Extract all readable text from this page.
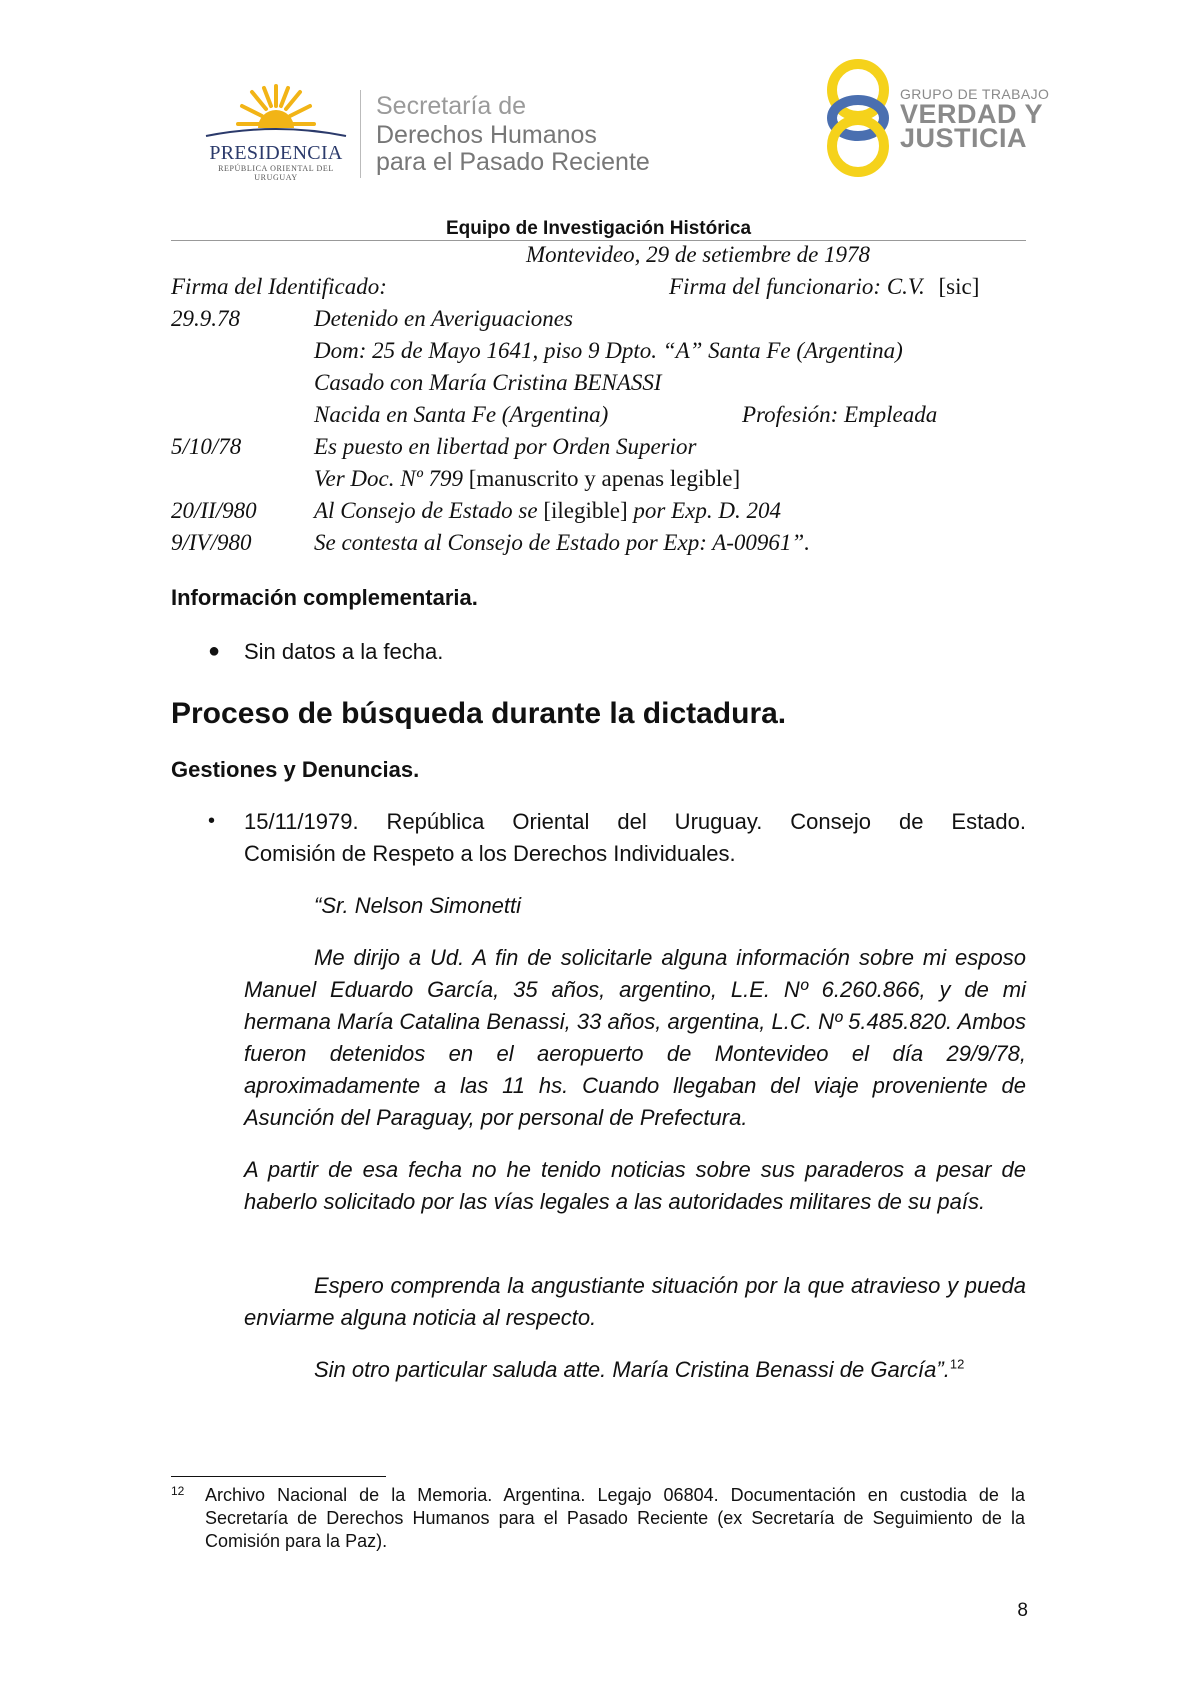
PRESIDENCIA
REPÚBLICA ORIENTAL DEL URUGUAY
Secretaría de
Derechos Humanos
para el Pasado Reciente
GRUPO DE TRABAJO
VERDAD Y
JUSTICIA
Equipo de Investigación Histórica
Montevideo, 29 de setiembre de 1978
Firma del Identificado:	Firma del funcionario: C.V. [sic]
29.9.78	Detenido en Averiguaciones
Dom: 25 de Mayo 1641, piso 9 Dpto. “A” Santa Fe (Argentina)
Casado con María Cristina BENASSI
Nacida en Santa Fe (Argentina)	Profesión: Empleada
5/10/78	Es puesto en libertad por Orden Superior
Ver Doc. Nº 799 [manuscrito y apenas legible]
20/II/980 Al Consejo de Estado se [ilegible] por Exp. D. 204
9/IV/980	Se contesta al Consejo de Estado por Exp: A-00961”.
Información complementaria.
● Sin datos a la fecha.
Proceso de búsqueda durante la dictadura.
Gestiones y Denuncias.
• 15/11/1979. República Oriental del Uruguay. Consejo de Estado.
Comisión de Respeto a los Derechos Individuales.
“Sr. Nelson Simonetti
Me dirijo a Ud. A fin de solicitarle alguna información sobre mi esposo Manuel Eduardo García, 35 años, argentino, L.E. Nº 6.260.866, y de mi hermana María Catalina Benassi, 33 años, argentina, L.C. Nº 5.485.820. Ambos fueron detenidos en el aeropuerto de Montevideo el día 29/9/78, aproximadamente a las 11 hs. Cuando llegaban del viaje proveniente de Asunción del Paraguay, por personal de Prefectura.
A partir de esa fecha no he tenido noticias sobre sus paraderos a pesar de haberlo solicitado por las vías legales a las autoridades militares de su país.
Espero comprenda la angustiante situación por la que atravieso y pueda enviarme alguna noticia al respecto.
Sin otro particular saluda atte. María Cristina Benassi de García”.$^{12}$
12 Archivo Nacional de la Memoria. Argentina. Legajo 06804. Documentación en custodia de la Secretaría de Derechos Humanos para el Pasado Reciente (ex Secretaría de Seguimiento de la Comisión para la Paz).
8
